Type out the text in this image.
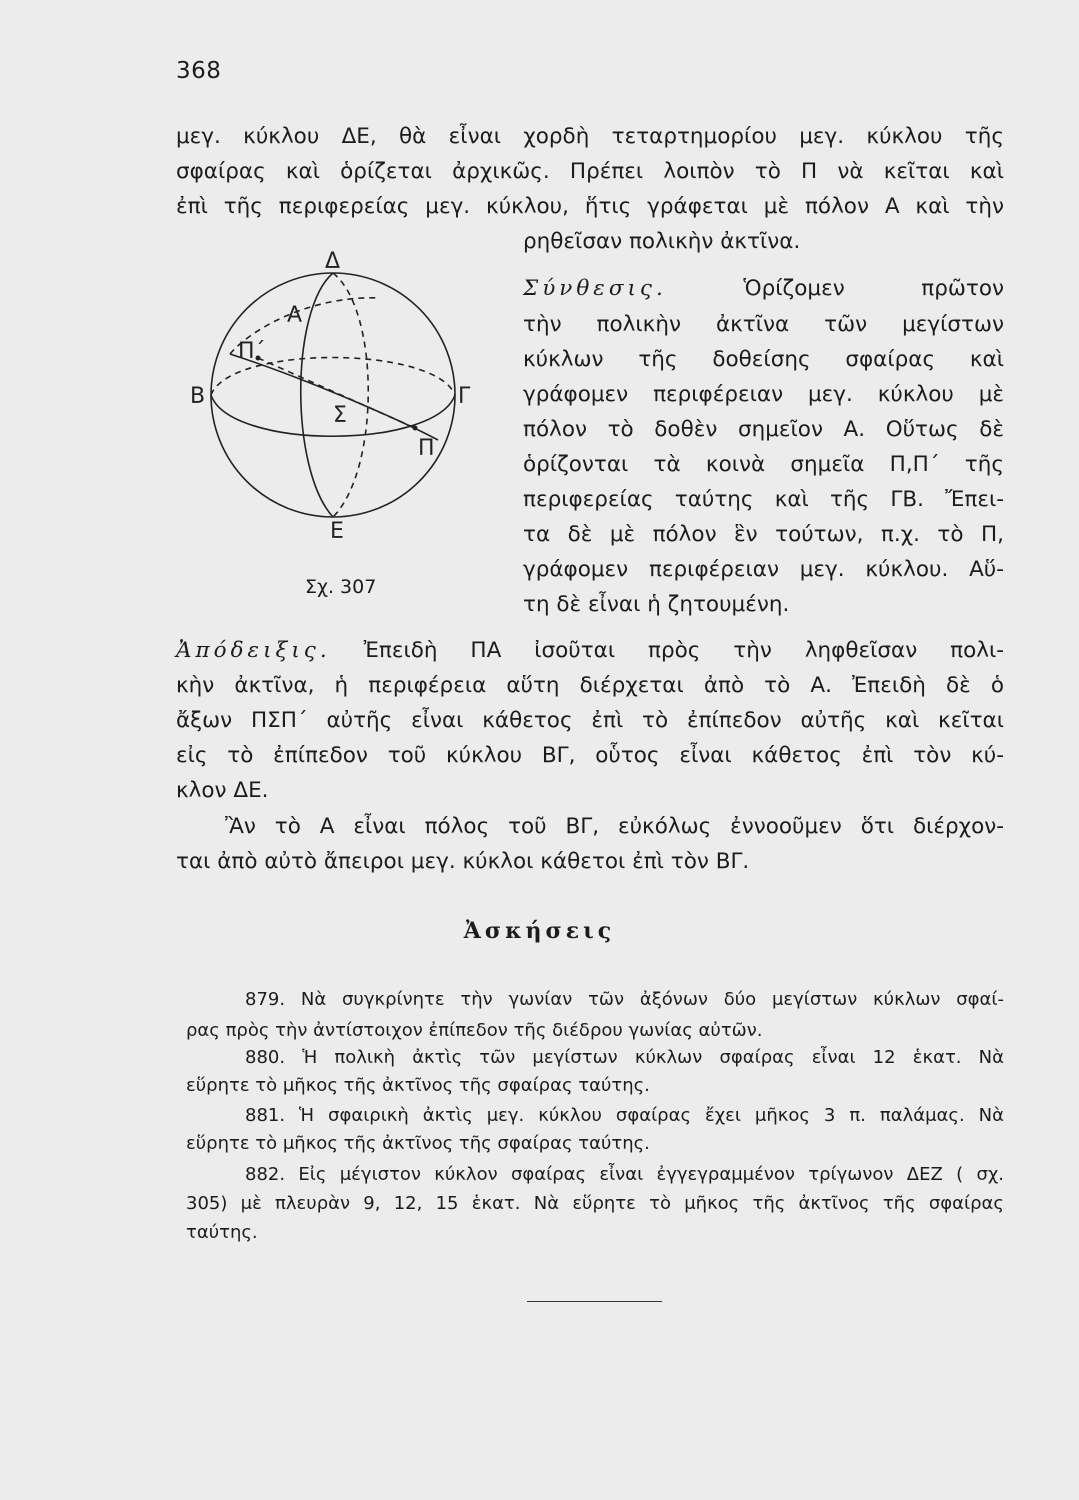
368
μεγ. κύκλου ΔΕ, θὰ εἶναι χορδὴ τεταρτημορίου μεγ. κύκλου τῆς
σφαίρας καὶ ὁρίζεται ἀρχικῶς. Πρέπει λοιπὸν τὸ Π νὰ κεῖται καὶ
ἐπὶ τῆς περιφερείας μεγ. κύκλου, ἥτις γράφεται μὲ πόλον Α καὶ τὴν
ρηθεῖσαν πολικὴν ἀκτῖνα.
Σύνθεσις.	Ὁρίζομεν πρῶτον
τὴν πολικὴν ἀκτῖνα τῶν μεγίστων
κύκλων τῆς δοθείσης σφαίρας καὶ
γράφομεν περιφέρειαν μεγ. κύκλου μὲ
πόλον τὸ δοθὲν σημεῖον Α. Οὕτως δὲ
ὁρίζονται τὰ κοινὰ σημεῖα Π,Π΄ τῆς
περιφερείας ταύτης καὶ τῆς ΓΒ. Ἔπει-
τα δὲ μὲ πόλον ἓν τούτων, π.χ. τὸ Π,
γράφομεν περιφέρειαν μεγ. κύκλου. Αὕ-
τη δὲ εἶναι ἡ ζητουμένη.
Δ
Α
Π΄
Β	Γ
Σ
Π
Ε
Σχ. 307
Ἀπόδειξις. Ἐπειδὴ ΠΑ ἰσοῦται πρὸς τὴν ληφθεῖσαν πολι-
κὴν ἀκτῖνα, ἡ περιφέρεια αὕτη διέρχεται ἀπὸ τὸ Α. Ἐπειδὴ δὲ ὁ
ἄξων ΠΣΠ΄ αὐτῆς εἶναι κάθετος ἐπὶ τὸ ἐπίπεδον αὐτῆς καὶ κεῖται
εἰς τὸ ἐπίπεδον τοῦ κύκλου ΒΓ, οὗτος εἶναι κάθετος ἐπὶ τὸν κύ-
κλον ΔΕ.
Ἂν τὸ Α εἶναι πόλος τοῦ ΒΓ, εὐκόλως ἐννοοῦμεν ὅτι διέρχον-
ται ἀπὸ αὐτὸ ἄπειροι μεγ. κύκλοι κάθετοι ἐπὶ τὸν ΒΓ.
Ἀσκήσεις
879. Νὰ συγκρίνητε τὴν γωνίαν τῶν ἀξόνων δύο μεγίστων κύκλων σφαί-
ρας πρὸς τὴν ἀντίστοιχον ἐπίπεδον τῆς διέδρου γωνίας αὐτῶν.
880. Ἡ πολικὴ ἀκτὶς τῶν μεγίστων κύκλων σφαίρας εἶναι 12 ἑκατ. Νὰ
εὕρητε τὸ μῆκος τῆς ἀκτῖνος τῆς σφαίρας ταύτης.
881. Ἡ σφαιρικὴ ἀκτὶς μεγ. κύκλου σφαίρας ἔχει μῆκος 3 π. παλάμας. Νὰ
εὕρητε τὸ μῆκος τῆς ἀκτῖνος τῆς σφαίρας ταύτης.
882. Εἰς μέγιστον κύκλον σφαίρας εἶναι ἐγγεγραμμένον τρίγωνον ΔΕΖ ( σχ.
305) μὲ πλευρὰν 9, 12, 15 ἑκατ. Νὰ εὕρητε τὸ μῆκος τῆς ἀκτῖνος τῆς σφαίρας
ταύτης.
